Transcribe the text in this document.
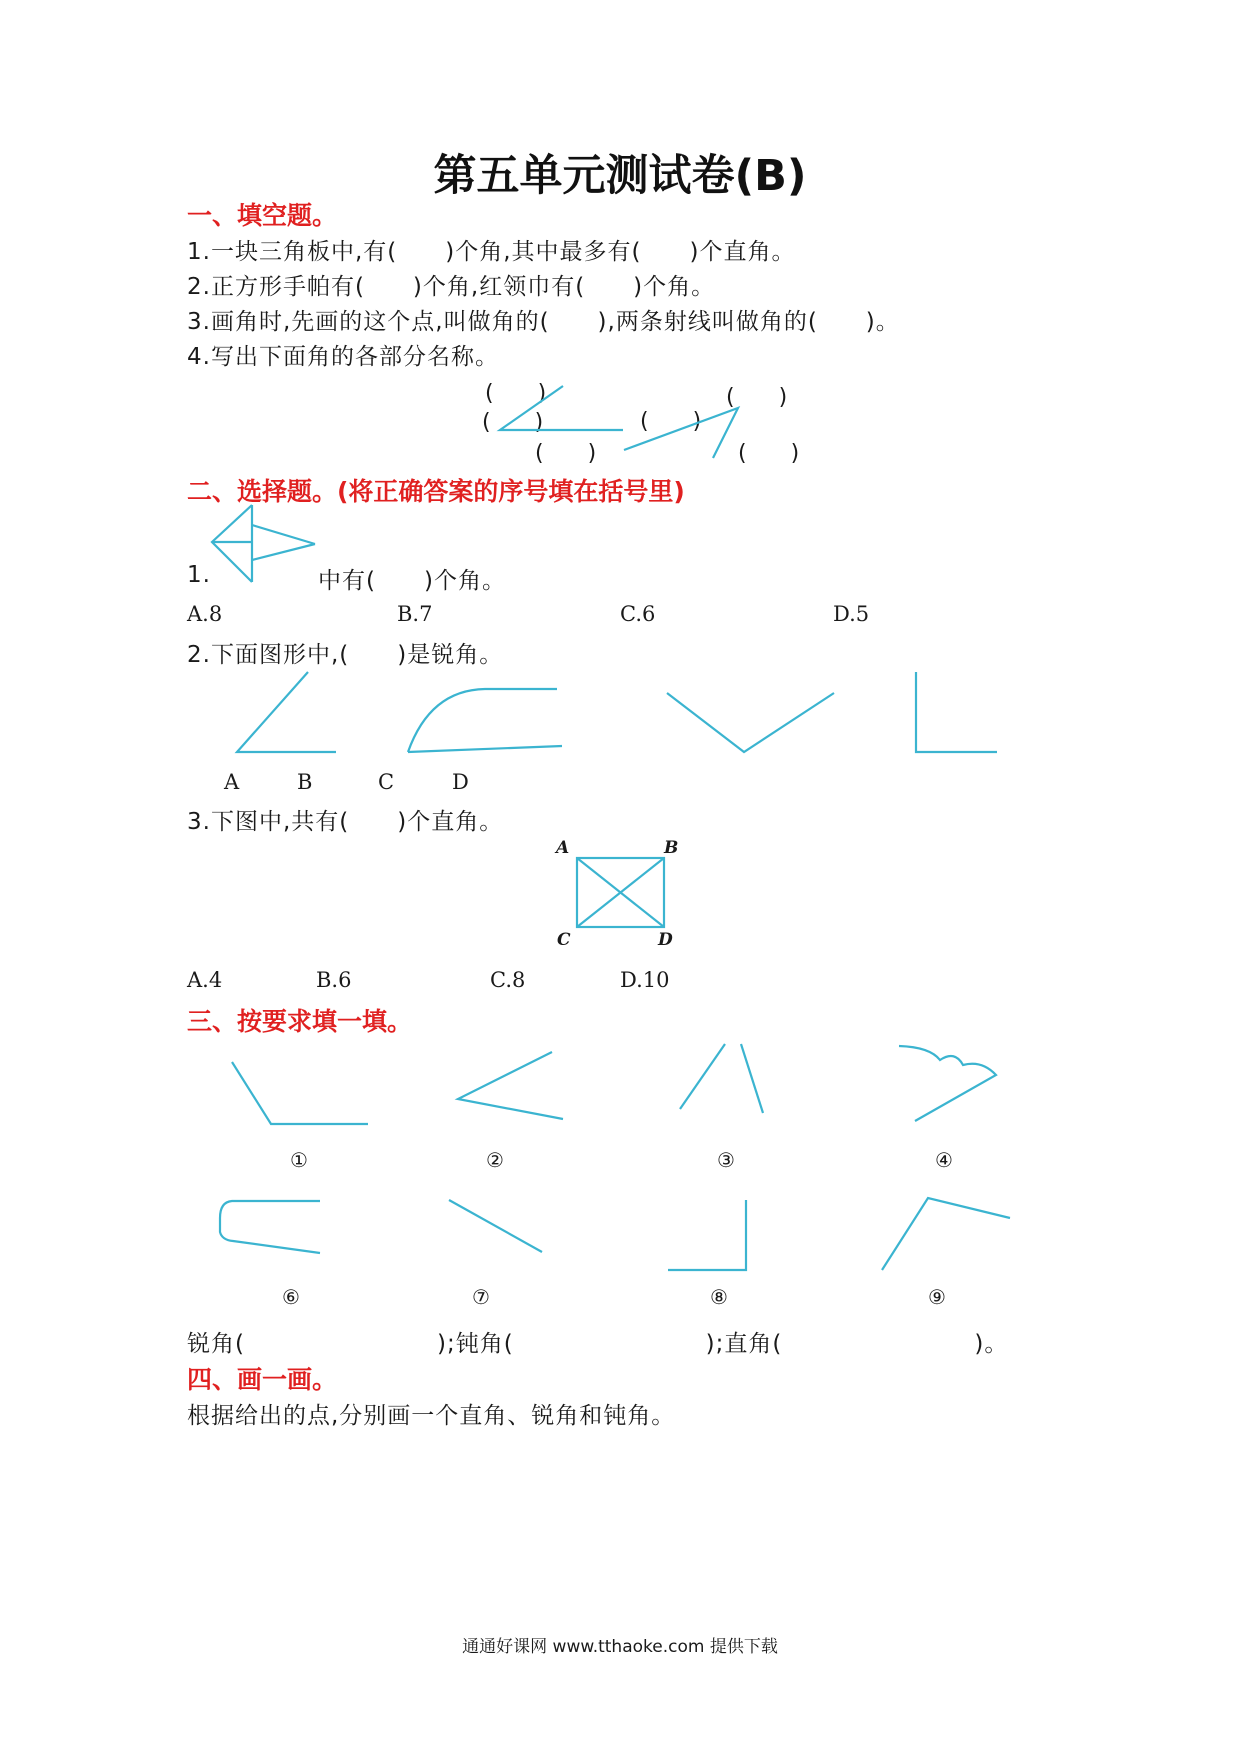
第五单元测试卷(B)
一、填空题。
1.一块三角板中,有(　　)个角,其中最多有(　　)个直角。
2.正方形手帕有(　　)个角,红领巾有(　　)个角。
3.画角时,先画的这个点,叫做角的(　　),两条射线叫做角的(　　)。
4.写出下面角的各部分名称。
(　　)
(　　)
(　　)
(　　)
(　　)
(　　)
二、选择题。(将正确答案的序号填在括号里)
1.	中有(　　)个角。
A.8	B.7	C.6	D.5
2.下面图形中,(　　)是锐角。
A	B	C	D
3.下图中,共有(　　)个直角。
A	B
C	D
A.4	B.6	C.8	D.10
三、按要求填一填。
①	②	③	④
⑥	⑦	⑧	⑨
锐角(　　　　　　　　);钝角(　　　　　　　　);直角(　　　　　　　　)。
四、画一画。
根据给出的点,分别画一个直角、锐角和钝角。
通通好课网 www.tthaoke.com 提供下载
